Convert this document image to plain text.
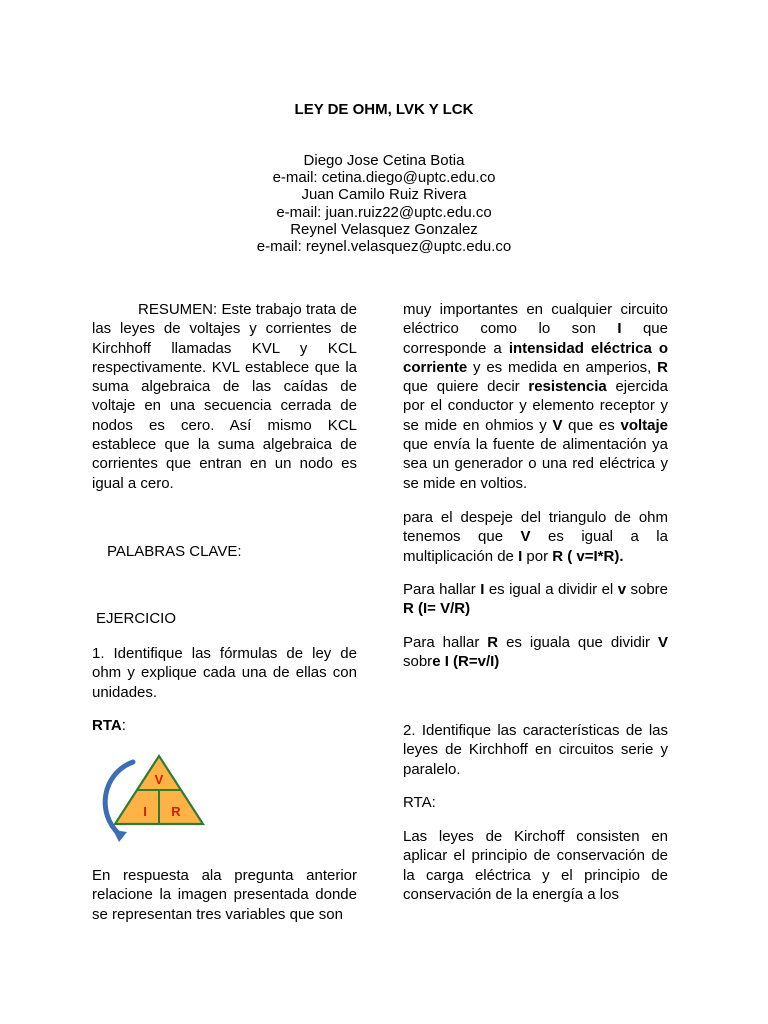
LEY DE OHM, LVK Y LCK
Diego Jose Cetina Botia
e-mail: cetina.diego@uptc.edu.co
Juan Camilo Ruiz Rivera
e-mail: juan.ruiz22@uptc.edu.co
Reynel Velasquez Gonzalez
e-mail: reynel.velasquez@uptc.edu.co

RESUMEN: Este trabajo trata de las leyes de voltajes y corrientes de Kirchhoff llamadas KVL y KCL respectivamente. KVL establece que la suma algebraica de las caídas de voltaje en una secuencia cerrada de nodos es cero. Así mismo KCL establece que la suma algebraica de corrientes que entran en un nodo es igual a cero.

PALABRAS CLAVE:
EJERCICIO
1. Identifique las fórmulas de ley de ohm y explique cada una de ellas con unidades.
RTA:
V
I R
En respuesta ala pregunta anterior relacione la imagen presentada donde se representan tres variables que son
muy importantes en cualquier circuito eléctrico como lo son I que corresponde a intensidad eléctrica o corriente y es medida en amperios, R que quiere decir resistencia ejercida por el conductor y elemento receptor y se mide en ohmios y V que es voltaje que envía la fuente de alimentación ya sea un generador o una red eléctrica y se mide en voltios.
para el despeje del triangulo de ohm tenemos que V es igual a la multiplicación de I por R ( v=I*R).
Para hallar I es igual a dividir el v sobre R (I= V/R)
Para hallar R es iguala que dividir V sobre I (R=v/I)
2. Identifique las características de las leyes de Kirchhoff en circuitos serie y paralelo.
RTA:
Las leyes de Kirchoff consisten en aplicar el principio de conservación de la carga eléctrica y el principio de conservación de la energía a los
